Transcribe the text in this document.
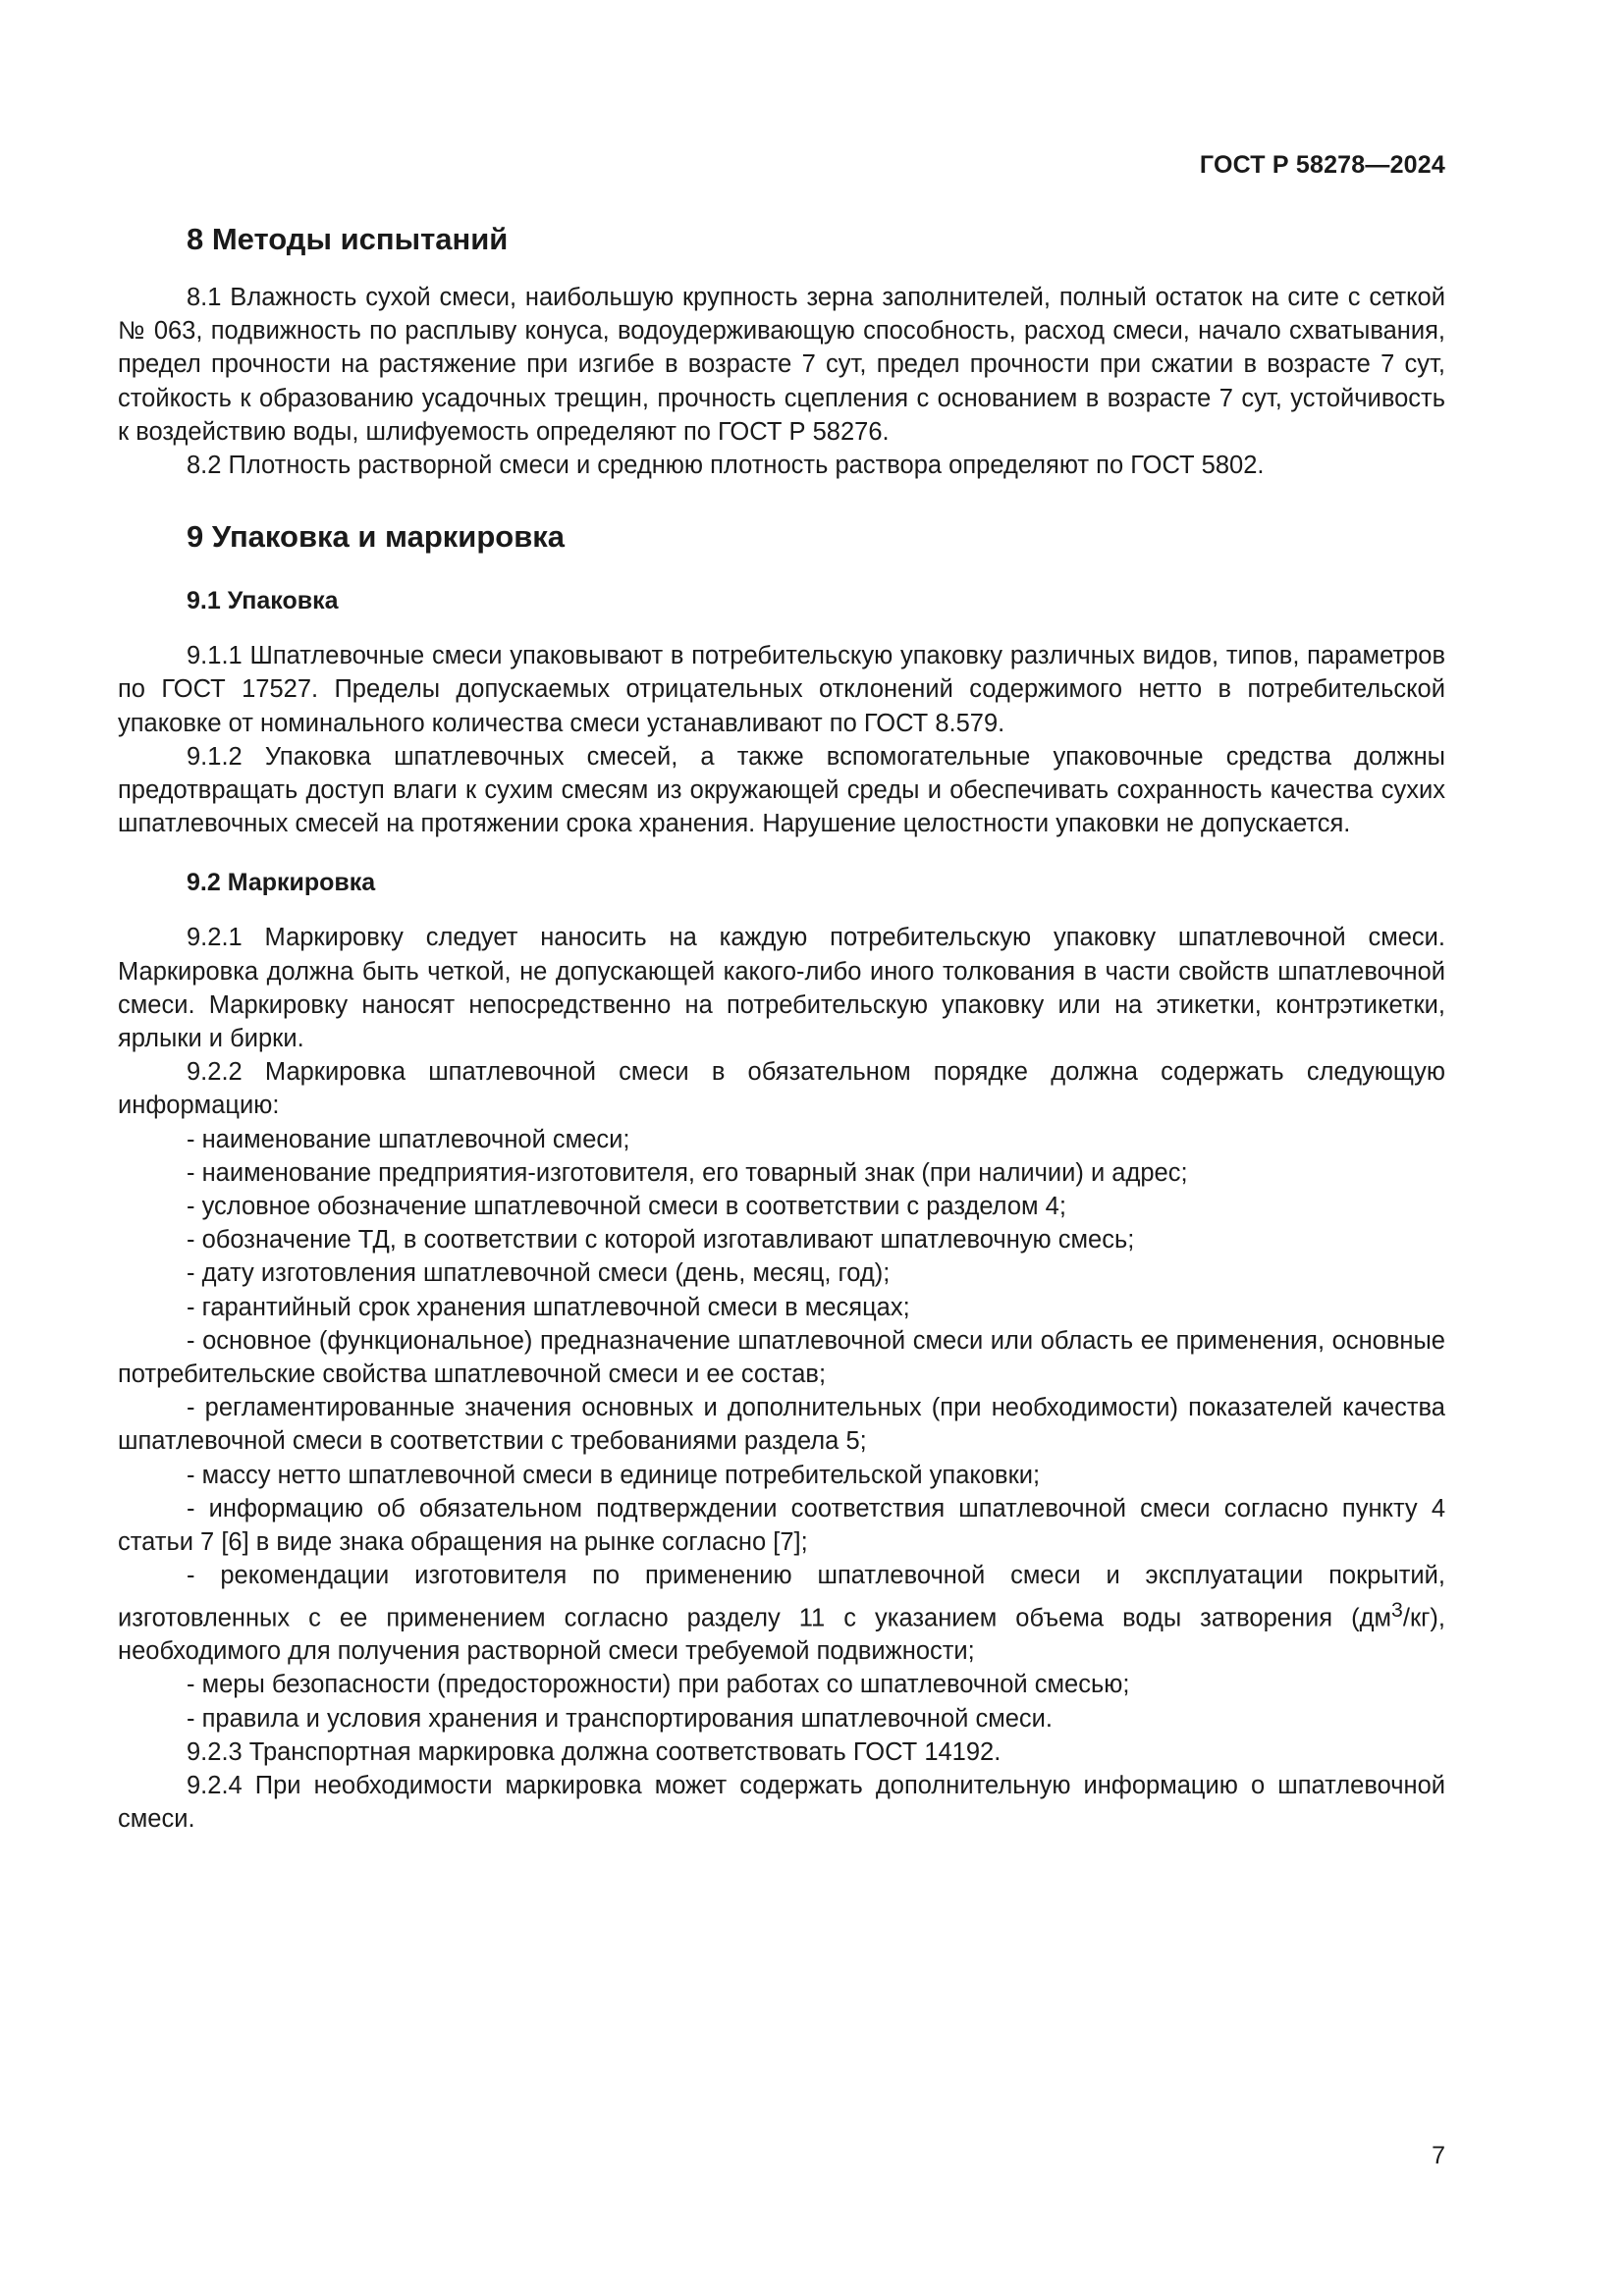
ГОСТ Р 58278—2024
8 Методы испытаний

8.1 Влажность сухой смеси, наибольшую крупность зерна заполнителей, полный остаток на сите с сеткой № 063, подвижность по расплыву конуса, водоудерживающую способность, расход смеси, начало схватывания, предел прочности на растяжение при изгибе в возрасте 7 сут, предел прочности при сжатии в возрасте 7 сут, стойкость к образованию усадочных трещин, прочность сцепления с основанием в возрасте 7 сут, устойчивость к воздействию воды, шлифуемость определяют по ГОСТ Р 58276.

8.2 Плотность растворной смеси и среднюю плотность раствора определяют по ГОСТ 5802.

9 Упаковка и маркировка
9.1 Упаковка

9.1.1 Шпатлевочные смеси упаковывают в потребительскую упаковку различных видов, типов, параметров по ГОСТ 17527. Пределы допускаемых отрицательных отклонений содержимого нетто в потребительской упаковке от номинального количества смеси устанавливают по ГОСТ 8.579.

9.1.2 Упаковка шпатлевочных смесей, а также вспомогательные упаковочные средства должны предотвращать доступ влаги к сухим смесям из окружающей среды и обеспечивать сохранность качества сухих шпатлевочных смесей на протяжении срока хранения. Нарушение целостности упаковки не допускается.

9.2 Маркировка

9.2.1 Маркировку следует наносить на каждую потребительскую упаковку шпатлевочной смеси. Маркировка должна быть четкой, не допускающей какого-либо иного толкования в части свойств шпатлевочной смеси. Маркировку наносят непосредственно на потребительскую упаковку или на этикетки, контрэтикетки, ярлыки и бирки.

9.2.2 Маркировка шпатлевочной смеси в обязательном порядке должна содержать следующую информацию:

- наименование шпатлевочной смеси;

- наименование предприятия-изготовителя, его товарный знак (при наличии) и адрес;

- условное обозначение шпатлевочной смеси в соответствии с разделом 4;

- обозначение ТД, в соответствии с которой изготавливают шпатлевочную смесь;

- дату изготовления шпатлевочной смеси (день, месяц, год);

- гарантийный срок хранения шпатлевочной смеси в месяцах;

- основное (функциональное) предназначение шпатлевочной смеси или область ее применения, основные потребительские свойства шпатлевочной смеси и ее состав;

- регламентированные значения основных и дополнительных (при необходимости) показателей качества шпатлевочной смеси в соответствии с требованиями раздела 5;

- массу нетто шпатлевочной смеси в единице потребительской упаковки;

- информацию об обязательном подтверждении соответствия шпатлевочной смеси согласно пункту 4 статьи 7 [6] в виде знака обращения на рынке согласно [7];

- рекомендации изготовителя по применению шпатлевочной смеси и эксплуатации покрытий, изготовленных с ее применением согласно разделу 11 с указанием объема воды затворения $(дм^3/кг)$, необходимого для получения растворной смеси требуемой подвижности;

- меры безопасности (предосторожности) при работах со шпатлевочной смесью;

- правила и условия хранения и транспортирования шпатлевочной смеси.

9.2.3 Транспортная маркировка должна соответствовать ГОСТ 14192.

9.2.4 При необходимости маркировка может содержать дополнительную информацию о шпатлевочной смеси.

7
